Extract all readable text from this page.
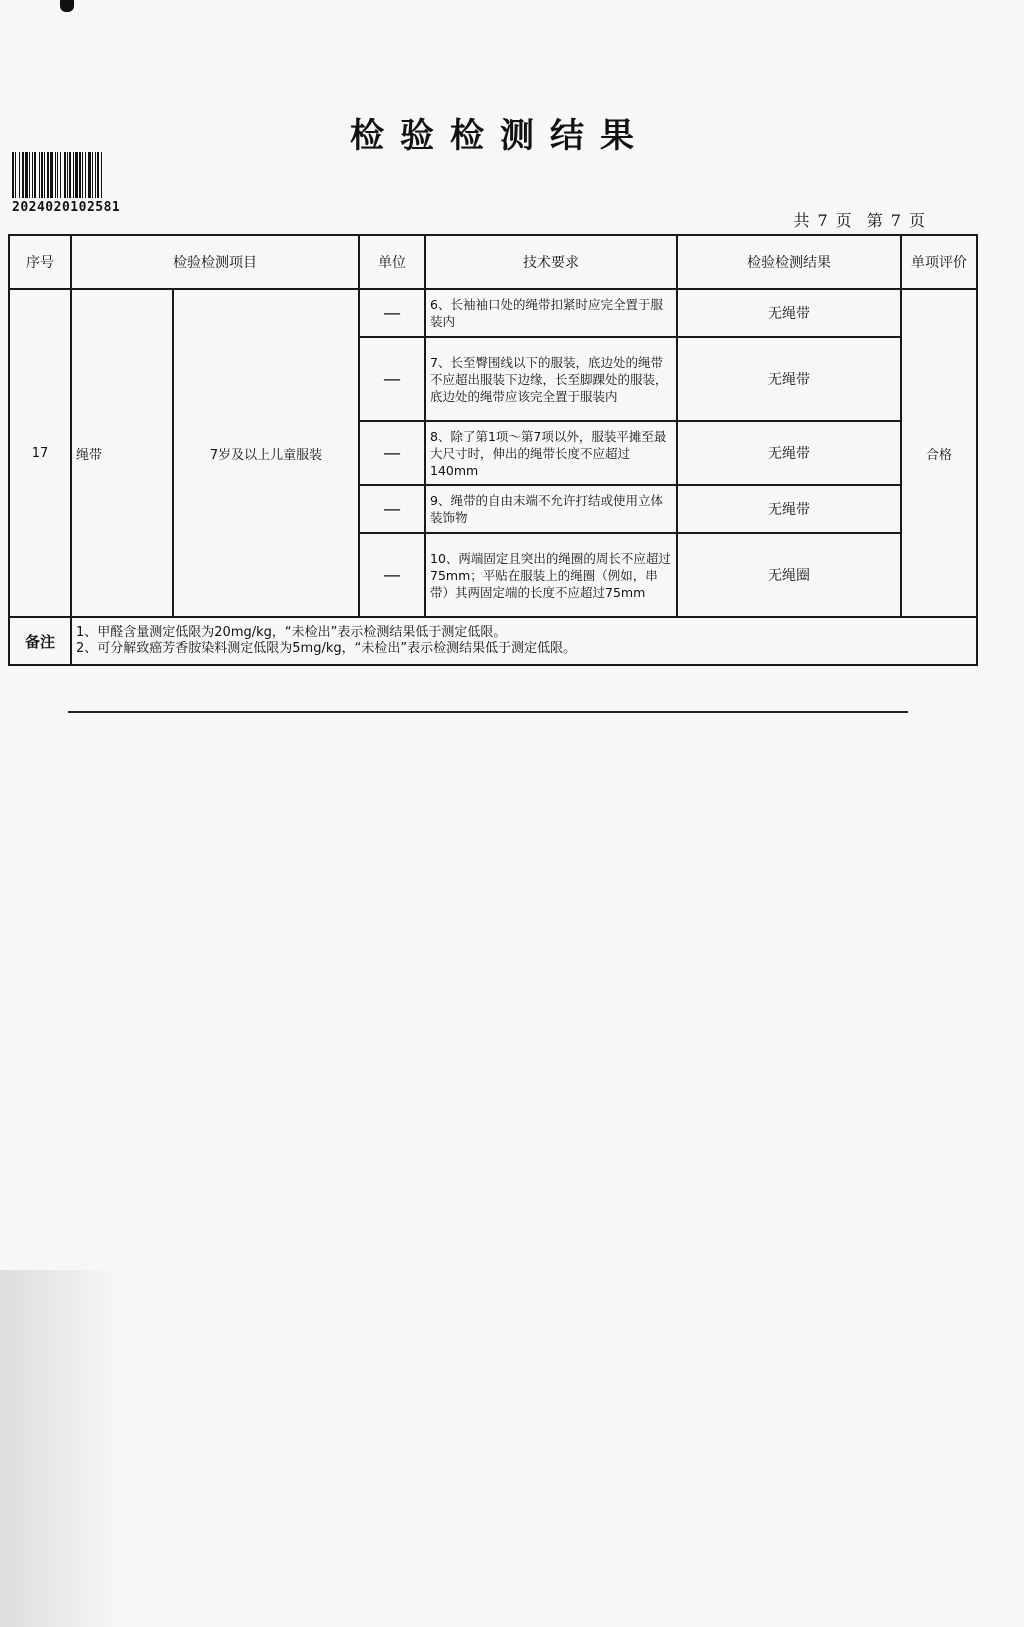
检验检测结果
2024020102581
共 7 页 第 7 页
序号	检验检测项目		单位	技术要求	检验检测结果	单项评价
17	绳带	7岁及以上儿童服装	—	6、长袖袖口处的绳带扣紧时应完全置于服装内	无绳带	合格
			—	7、长至臀围线以下的服装，底边处的绳带不应超出服装下边缘，长至脚踝处的服装，底边处的绳带应该完全置于服装内	无绳带	
			—	8、除了第1项～第7项以外，服装平摊至最大尺寸时，伸出的绳带长度不应超过140mm	无绳带	
			—	9、绳带的自由末端不允许打结或使用立体装饰物	无绳带	
			—	10、两端固定且突出的绳圈的周长不应超过75mm；平贴在服装上的绳圈（例如，串带）其两固定端的长度不应超过75mm	无绳圈	
备注	1、甲醛含量测定低限为20mg/kg，“未检出”表示检测结果低于测定低限。
2、可分解致癌芳香胺染料测定低限为5mg/kg，“未检出”表示检测结果低于测定低限。					
